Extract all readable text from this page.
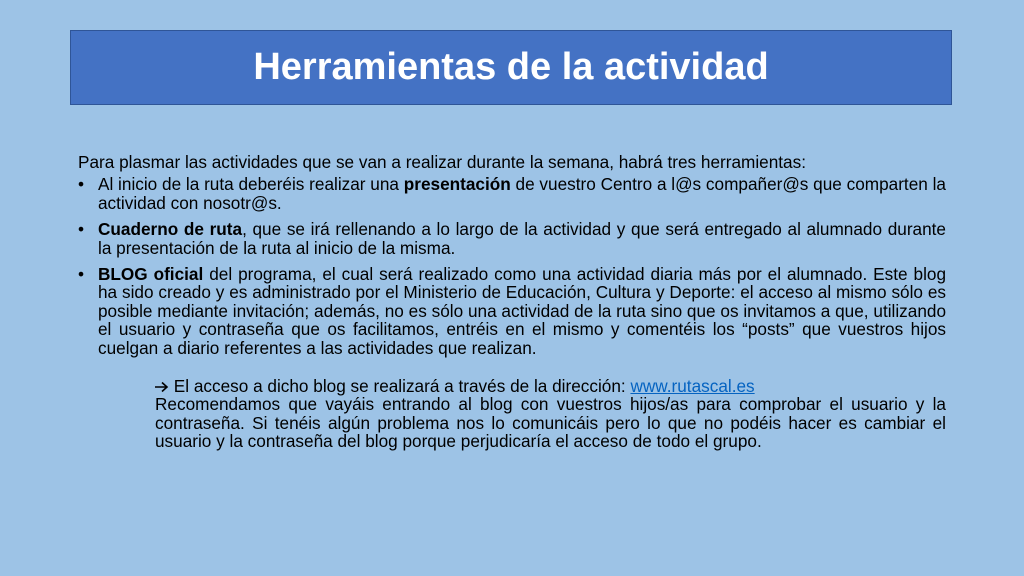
Herramientas de la actividad

Para plasmar las actividades que se van a realizar durante la semana, habrá tres herramientas:

• Al inicio de la ruta deberéis realizar una presentación de vuestro Centro a l@s compañer@s que comparten la actividad con nosotr@s.
• Cuaderno de ruta, que se irá rellenando a lo largo de la actividad y que será entregado al alumnado durante la presentación de la ruta al inicio de la misma.
• BLOG oficial del programa, el cual será realizado como una actividad diaria más por el alumnado. Este blog ha sido creado y es administrado por el Ministerio de Educación, Cultura y Deporte: el acceso al mismo sólo es posible mediante invitación; además, no es sólo una actividad de la ruta sino que os invitamos a que, utilizando el usuario y contraseña que os facilitamos, entréis en el mismo y comentéis los “posts” que vuestros hijos cuelgan a diario referentes a las actividades que realizan.

El acceso a dicho blog se realizará a través de la dirección: www.rutascal.es

Recomendamos que vayáis entrando al blog con vuestros hijos/as para comprobar el usuario y la contraseña. Si tenéis algún problema nos lo comunicáis pero lo que no podéis hacer es cambiar el usuario y la contraseña del blog porque perjudicaría el acceso de todo el grupo.
